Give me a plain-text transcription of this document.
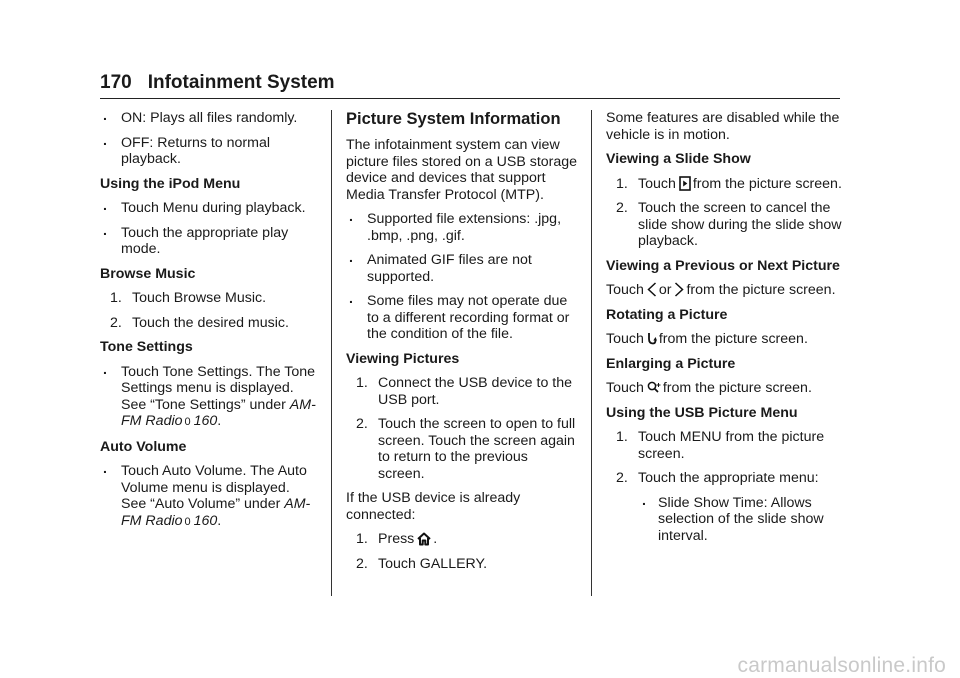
170 Infotainment System
. ON: Plays all files randomly.
. OFF: Returns to normal playback.

Using the iPod Menu

. Touch Menu during playback.
. Touch the appropriate play mode.

Browse Music

1. Touch Browse Music.
2. Touch the desired music.

Tone Settings

. Touch Tone Settings. The Tone Settings menu is displayed. See “Tone Settings” under AM-FM Radio 0 160.

Auto Volume

. Touch Auto Volume. The Auto Volume menu is displayed. See “Auto Volume” under AM-FM Radio 0 160.

Picture System Information

The infotainment system can view picture files stored on a USB storage device and devices that support Media Transfer Protocol (MTP).

. Supported file extensions: .jpg, .bmp, .png, .gif.
. Animated GIF files are not supported.
. Some files may not operate due to a different recording format or the condition of the file.

Viewing Pictures

1. Connect the USB device to the USB port.
2. Touch the screen to open to full screen. Touch the screen again to return to the previous screen.

If the USB device is already connected:

1. Press .
2. Touch GALLERY.

Some features are disabled while the vehicle is in motion.

Viewing a Slide Show

1. Touch from the picture screen.
2. Touch the screen to cancel the slide show during the slide show playback.

Viewing a Previous or Next Picture

Touch or from the picture screen.

Rotating a Picture

Touch from the picture screen.

Enlarging a Picture

Touch from the picture screen.

Using the USB Picture Menu

1. Touch MENU from the picture screen.
2. Touch the appropriate menu:
. Slide Show Time: Allows selection of the slide show interval.
carmanualsonline.info
